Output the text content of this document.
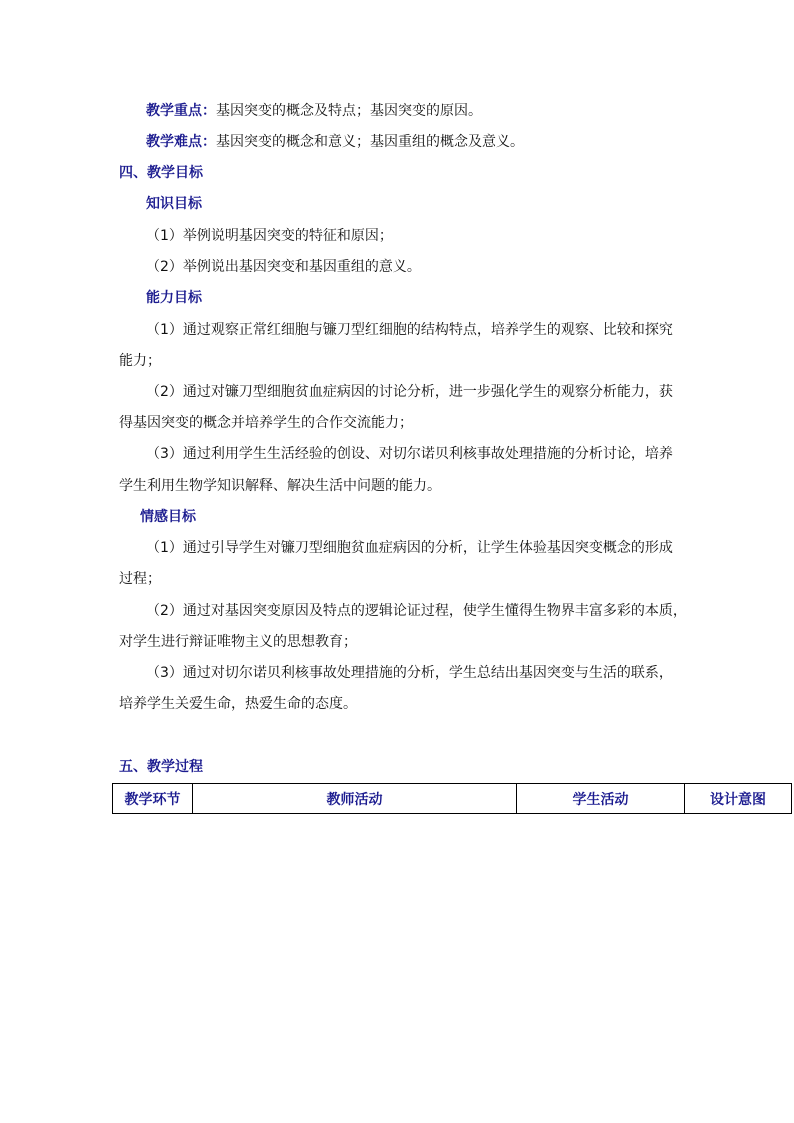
教学重点：基因突变的概念及特点；基因突变的原因。
教学难点：基因突变的概念和意义；基因重组的概念及意义。
四、教学目标
知识目标
（1）举例说明基因突变的特征和原因；
（2）举例说出基因突变和基因重组的意义。
能力目标
（1）通过观察正常红细胞与镰刀型红细胞的结构特点，培养学生的观察、比较和探究
能力；
（2）通过对镰刀型细胞贫血症病因的讨论分析，进一步强化学生的观察分析能力，获
得基因突变的概念并培养学生的合作交流能力；
（3）通过利用学生生活经验的创设、对切尔诺贝利核事故处理措施的分析讨论，培养
学生利用生物学知识解释、解决生活中问题的能力。
情感目标
（1）通过引导学生对镰刀型细胞贫血症病因的分析，让学生体验基因突变概念的形成
过程；
（2）通过对基因突变原因及特点的逻辑论证过程，使学生懂得生物界丰富多彩的本质，
对学生进行辩证唯物主义的思想教育；
（3）通过对切尔诺贝利核事故处理措施的分析，学生总结出基因突变与生活的联系，
培养学生关爱生命，热爱生命的态度。
五、教学过程
教学环节	教师活动	学生活动	设计意图
